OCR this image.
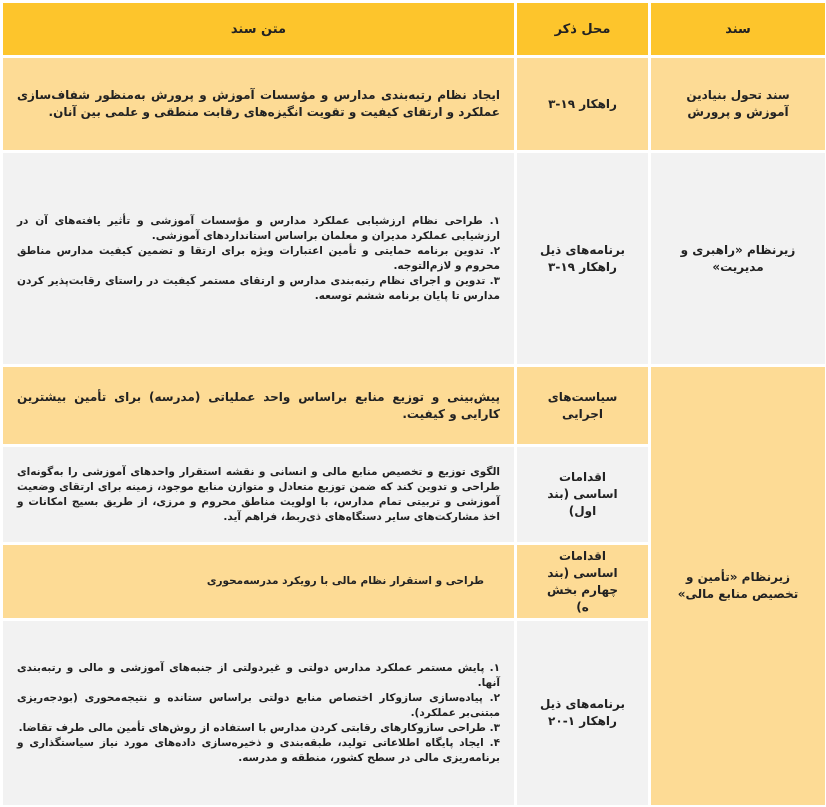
سند
محل ذکر
متن سند
سند تحول بنیادین آموزش و پرورش
راهکار ۱۹-۳
ایجاد نظام رتبه‌بندی مدارس و مؤسسات آموزش و پرورش به‌منظور شفاف‌سازی عملکرد و ارتقای کیفیت و تقویت انگیزه‌های رقابت منطقی و علمی بین آنان.
زیرنظام «راهبری و مدیریت»
برنامه‌های ذیل راهکار ۱۹-۳
۱. طراحی نظام ارزشیابی عملکرد مدارس و مؤسسات آموزشی و تأثیر یافته‌های آن در ارزشیابی عملکرد مدیران و معلمان براساس استانداردهای آموزشی.
۲. تدوین برنامه حمایتی و تأمین اعتبارات ویژه برای ارتقا و تضمین کیفیت مدارس مناطق محروم و لازم‌التوجه.
۳. تدوین و اجرای نظام رتبه‌بندی مدارس و ارتقای مستمر کیفیت در راستای رقابت‌پذیر کردن مدارس تا پایان برنامه ششم توسعه.
زیرنظام «تأمین و تخصیص منابع مالی»
سیاست‌های اجرایی
پیش‌بینی و توزیع منابع براساس واحد عملیاتی (مدرسه) برای تأمین بیشترین کارایی و کیفیت.
اقدامات اساسی (بند اول)
الگوی توزیع و تخصیص منابع مالی و انسانی و نقشه استقرار واحدهای آموزشی را به‌گونه‌ای طراحی و تدوین کند که ضمن توزیع متعادل و متوازن منابع موجود، زمینه برای ارتقای وضعیت آموزشی و تربیتی تمام مدارس، با اولویت مناطق محروم و مرزی، از طریق بسیج امکانات و اخذ مشارکت‌های سایر دستگاه‌های ذی‌ربط، فراهم آید.
اقدامات اساسی (بند چهارم بخش ه)
طراحی و استقرار نظام مالی با رویکرد مدرسه‌محوری
برنامه‌های ذیل راهکار ۱-۲۰
۱. پایش مستمر عملکرد مدارس دولتی و غیردولتی از جنبه‌های آموزشی و مالی و رتبه‌بندی آنها.
۲. پیاده‌سازی سازوکار اختصاص منابع دولتی براساس ستانده و نتیجه‌محوری (بودجه‌ریزی مبتنی‌بر عملکرد).
۳. طراحی سازوکارهای رقابتی کردن مدارس با استفاده از روش‌های تأمین مالی طرف تقاضا.
۴. ایجاد پایگاه اطلاعاتی تولید، طبقه‌بندی و ذخیره‌سازی داده‌های مورد نیاز سیاستگذاری و برنامه‌ریزی مالی در سطح کشور، منطقه و مدرسه.
